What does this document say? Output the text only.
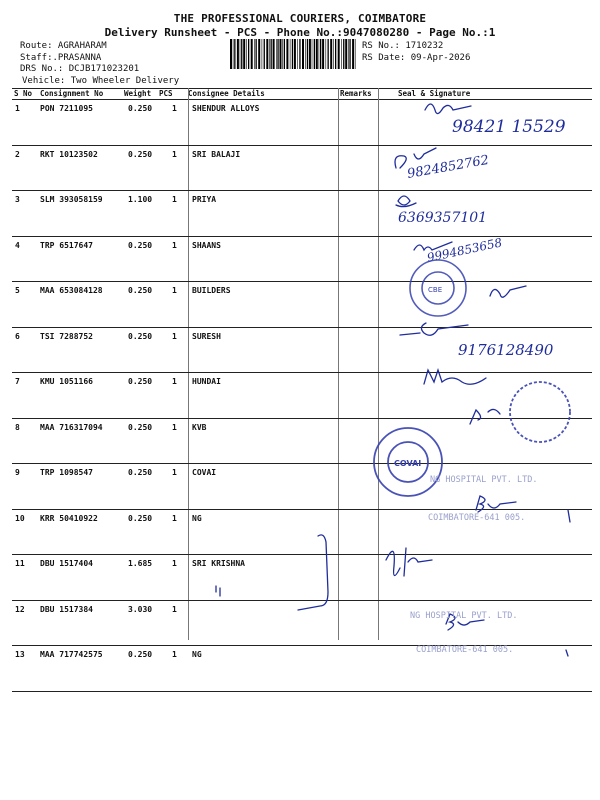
THE PROFESSIONAL COURIERS, COIMBATORE
Delivery Runsheet - PCS - Phone No.:9047080280 - Page No.:1
Route: AGRAHARAM
Staff:.PRASANNA
DRS No.: DCJB171023201
Vehicle: Two Wheeler Delivery
RS No.: 1710232
RS Date: 09-Apr-2026
S No Consignment No	Weight PCS Consignee Details	Remarks	Seal & Signature
1	PON 7211095	0.250 1 SHENDUR ALLOYS
2	RKT 10123502	0.250 1 SRI BALAJI
3	SLM 393058159	1.100 1 PRIYA
4	TRP 6517647	0.250 1 SHAANS
5	MAA 653084128	0.250 1 BUILDERS
6	TSI 7288752	0.250 1 SURESH
7	KMU 1051166	0.250 1 HUNDAI
8	MAA 716317094	0.250 1 KVB
9	TRP 1098547	0.250 1 COVAI
10 KRR 50410922	0.250 1 NG
11 DBU 1517404	1.685 1 SRI KRISHNA
12 DBU 1517384	3.030 1
13 MAA 717742575	0.250 1 NG
98421 15529
9824852762
6369357101
9994853658
9176128490
CBE
COVAI
NG HOSPITAL PVT. LTD.
COIMBATORE-641 005.
NG HOSPITAL PVT. LTD.
COIMBATORE-641 005.
